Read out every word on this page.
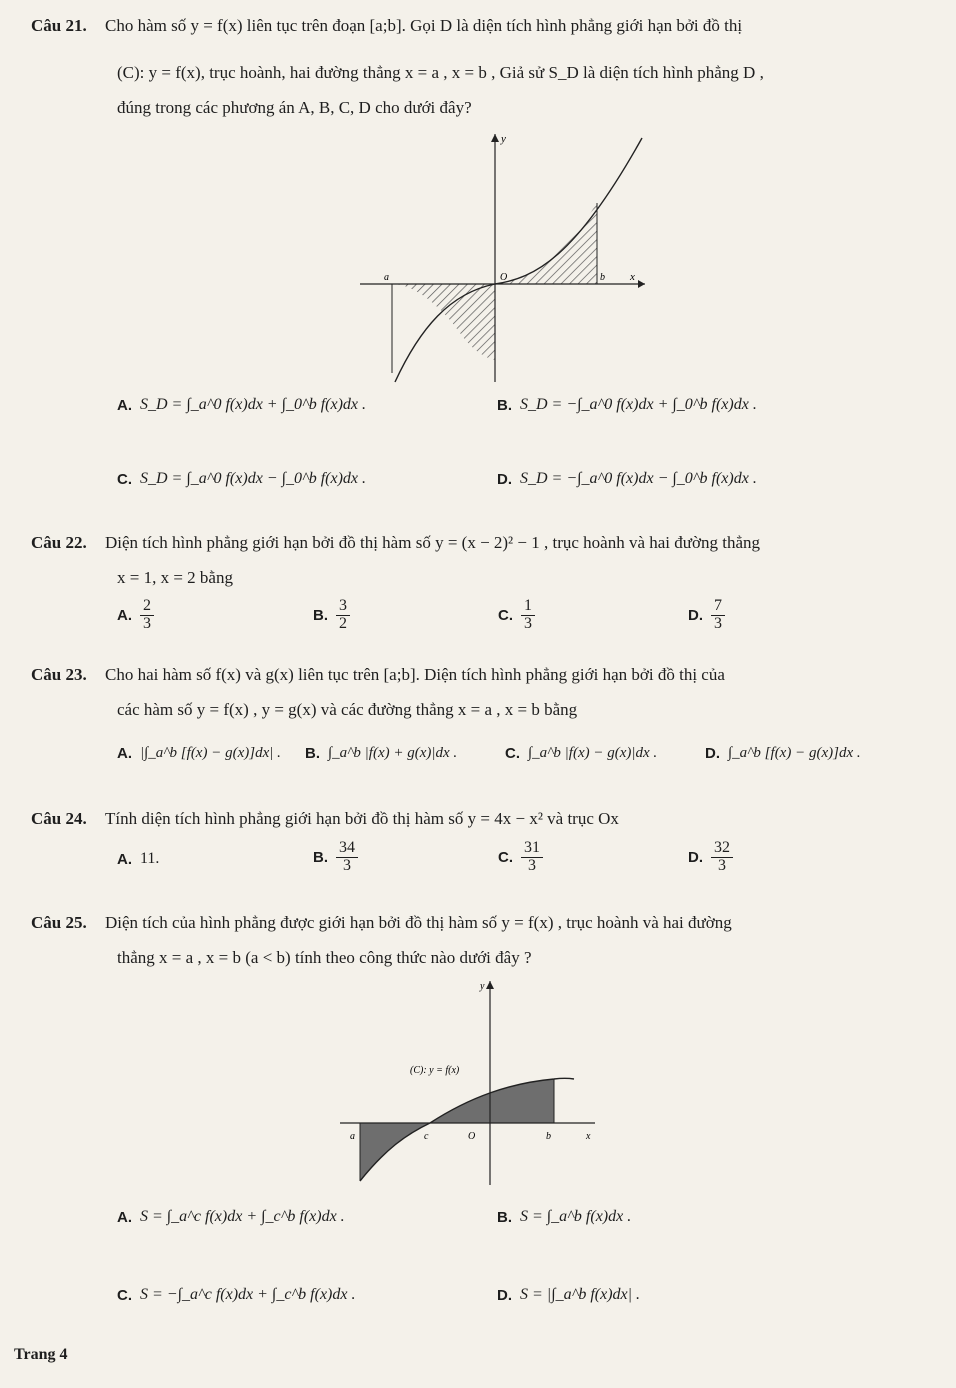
Câu 21. Cho hàm số y = f(x) liên tục trên đoạn [a;b]. Gọi D là diện tích hình phẳng giới hạn bởi đồ thị
(C): y = f(x), trục hoành, hai đường thẳng x = a , x = b , Giả sử S_D là diện tích hình phẳng D ,
đúng trong các phương án A, B, C, D cho dưới đây?
y
x
a	O	b
A. S_D = ∫_a^0 f(x)dx + ∫_0^b f(x)dx .	B. S_D = −∫_a^0 f(x)dx + ∫_0^b f(x)dx .
C. S_D = ∫_a^0 f(x)dx − ∫_0^b f(x)dx .	D. S_D = −∫_a^0 f(x)dx − ∫_0^b f(x)dx .
Câu 22. Diện tích hình phẳng giới hạn bởi đồ thị hàm số y = (x − 2)² − 1 , trục hoành và hai đường thẳng
x = 1, x = 2 bằng
A. $\frac{2}{3}$	B. $\frac{3}{2}$	C. $\frac{1}{3}$	D. $\frac{7}{3}$
Câu 23. Cho hai hàm số f(x) và g(x) liên tục trên [a;b]. Diện tích hình phẳng giới hạn bởi đồ thị của
các hàm số y = f(x) , y = g(x) và các đường thẳng x = a , x = b bằng
A. |∫_a^b [f(x) − g(x)]dx| . B. ∫_a^b |f(x) + g(x)|dx .	C. ∫_a^b |f(x) − g(x)|dx .	D. ∫_a^b [f(x) − g(x)]dx .
Câu 24. Tính diện tích hình phẳng giới hạn bởi đồ thị hàm số y = 4x − x² và trục Ox
A. 11.	B. $\frac{34}{3}$	C. $\frac{31}{3}$	D. $\frac{32}{3}$
Câu 25. Diện tích của hình phẳng được giới hạn bởi đồ thị hàm số y = f(x) , trục hoành và hai đường
thẳng x = a , x = b (a < b) tính theo công thức nào dưới đây ?
y
x
(C): y = f(x)
a	c	O	b
A. S = ∫_a^c f(x)dx + ∫_c^b f(x)dx .	B. S = ∫_a^b f(x)dx .
C. S = −∫_a^c f(x)dx + ∫_c^b f(x)dx .	D. S = |∫_a^b f(x)dx| .
Trang 4
